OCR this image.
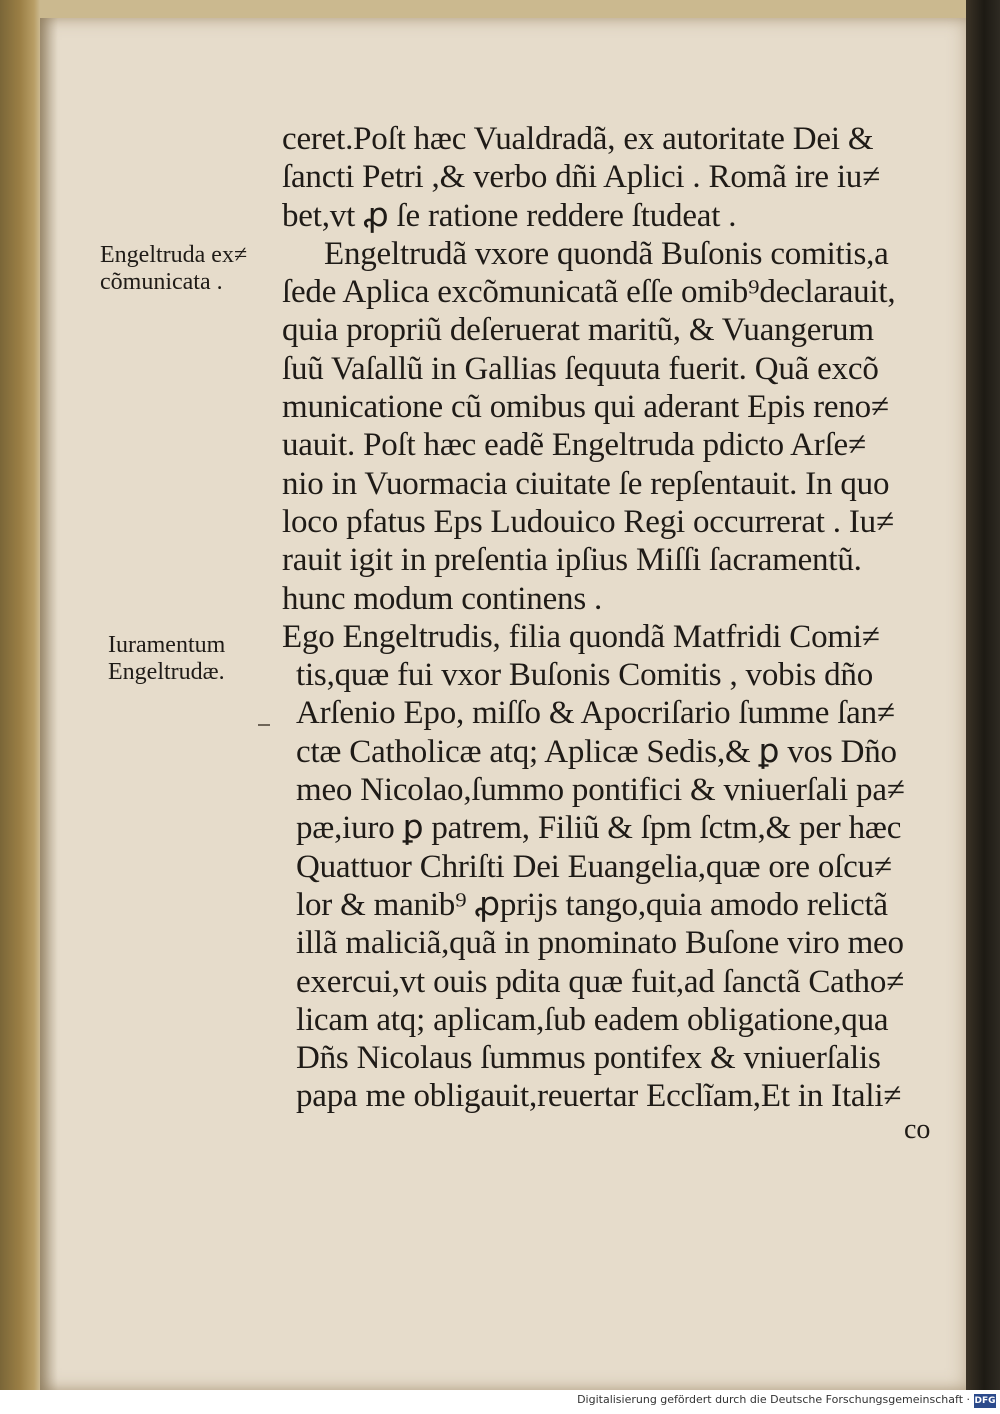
Engeltruda ex≠
cõmunicata .
Iuramentum
Engeltrudæ.
ceret.Poſt hæc Vualdradã, ex autoritate Dei &
ſancti Petri ,& verbo dñi Aplici . Romã ire iu≠
bet,vt ꝓ ſe ratione reddere ſtudeat .
Engeltrudã vxore quondã Buſonis comitis,a
ſede Aplica excõmunicatã eſſe omib⁹declarauit,
quia propriũ deſeruerat maritũ, & Vuangerum
ſuũ Vaſallũ in Gallias ſequuta fuerit. Quã excõ
municatione cũ omibus qui aderant Epis reno≠
uauit. Poſt hæc eadẽ Engeltruda pdicto Arſe≠
nio in Vuormacia ciuitate ſe repſentauit. In quo
loco pfatus Eps Ludouico Regi occurrerat . Iu≠
rauit igit in preſentia ipſius Miſſi ſacramentũ.
hunc modum continens .
Ego Engeltrudis, filia quondã Matfridi Comi≠
tis,quæ fui vxor Buſonis Comitis , vobis dño
Arſenio Epo, miſſo & Apocriſario ſumme ſan≠
ctæ Catholicæ atq; Aplicæ Sedis,& ꝑ vos Dño
meo Nicolao,ſummo pontifici & vniuerſali pa≠
pæ,iuro ꝑ patrem, Filiũ & ſpm ſctm,& per hæc
Quattuor Chriſti Dei Euangelia,quæ ore oſcu≠
lor & manib⁹ ꝓprijs tango,quia amodo relictã
illã maliciã,quã in pnominato Buſone viro meo
exercui,vt ouis pdita quæ fuit,ad ſanctã Catho≠
licam atq; aplicam,ſub eadem obligatione,qua
Dñs Nicolaus ſummus pontifex & vniuerſalis
papa me obligauit,reuertar Ecclĩam,Et in Itali≠
co
Digitalisierung gefördert durch die Deutsche Forschungsgemeinschaft · DFG
